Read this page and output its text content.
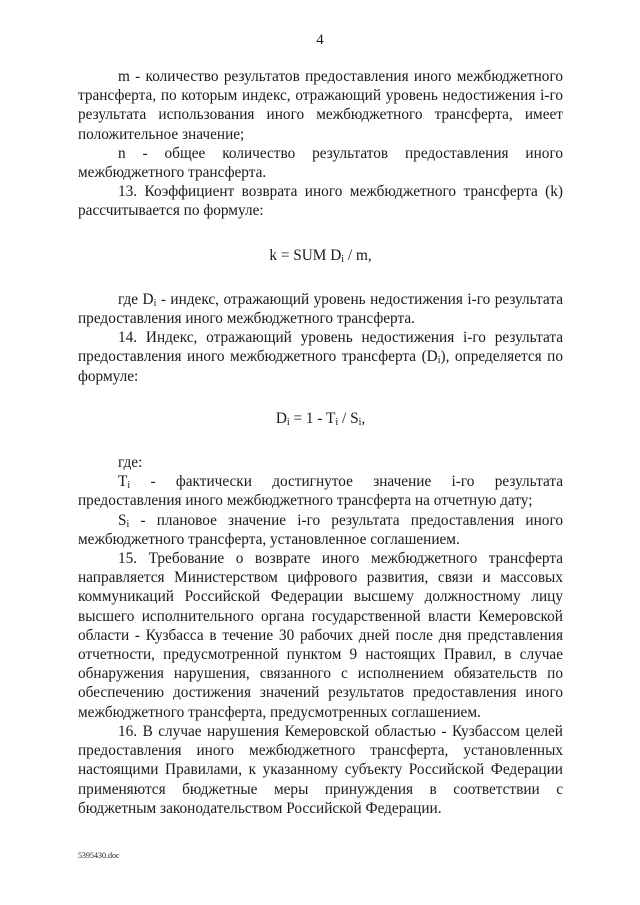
4

m - количество результатов предоставления иного межбюджетного трансферта, по которым индекс, отражающий уровень недостижения i-го результата использования иного межбюджетного трансферта, имеет положительное значение;

n - общее количество результатов предоставления иного межбюджетного трансферта.

13. Коэффициент возврата иного межбюджетного трансферта (k) рассчитывается по формуле:

k = SUM $D_i$ / m,

где $D_i$ - индекс, отражающий уровень недостижения i-го результата предоставления иного межбюджетного трансферта.

14. Индекс, отражающий уровень недостижения i-го результата предоставления иного межбюджетного трансферта $(D_i)$, определяется по формуле:

$D_i = 1 - T_i / S_i$,

где:

$T_i$ - фактически достигнутое значение i-го результата предоставления иного межбюджетного трансферта на отчетную дату;

$S_i$ - плановое значение i-го результата предоставления иного межбюджетного трансферта, установленное соглашением.

15. Требование о возврате иного межбюджетного трансферта направляется Министерством цифрового развития, связи и массовых коммуникаций Российской Федерации высшему должностному лицу высшего исполнительного органа государственной власти Кемеровской области - Кузбасса в течение 30 рабочих дней после дня представления отчетности, предусмотренной пунктом 9 настоящих Правил, в случае обнаружения нарушения, связанного с исполнением обязательств по обеспечению достижения значений результатов предоставления иного межбюджетного трансферта, предусмотренных соглашением.

16. В случае нарушения Кемеровской областью - Кузбассом целей предоставления иного межбюджетного трансферта, установленных настоящими Правилами, к указанному субъекту Российской Федерации применяются бюджетные меры принуждения в соответствии с бюджетным законодательством Российской Федерации.

5395430.doc
